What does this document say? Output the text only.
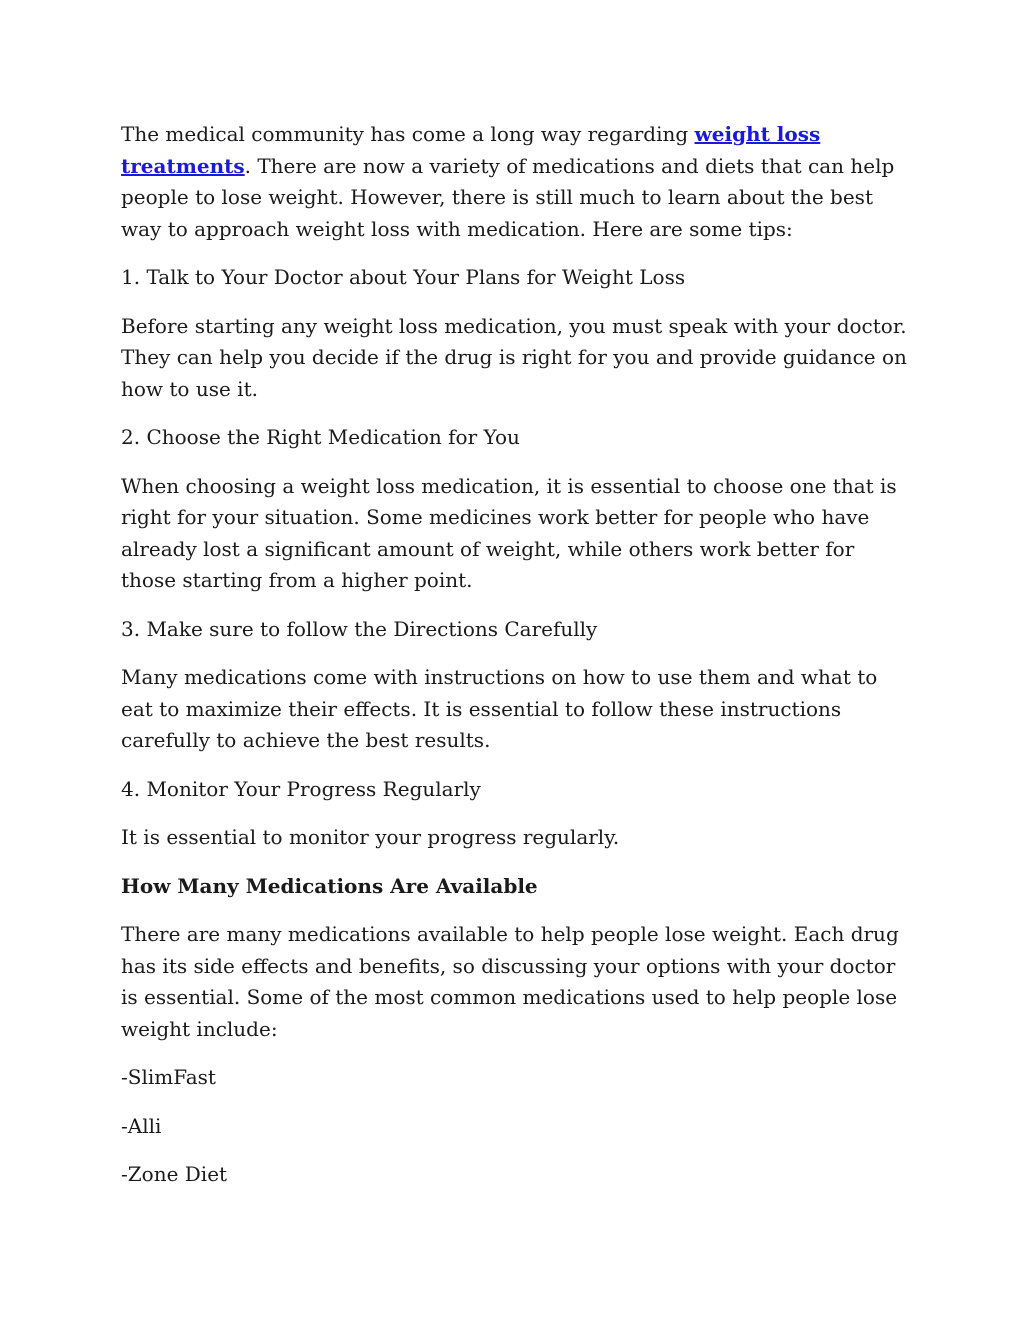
The medical community has come a long way regarding weight loss treatments. There are now a variety of medications and diets that can help people to lose weight. However, there is still much to learn about the best way to approach weight loss with medication. Here are some tips:

1. Talk to Your Doctor about Your Plans for Weight Loss

Before starting any weight loss medication, you must speak with your doctor. They can help you decide if the drug is right for you and provide guidance on how to use it.

2. Choose the Right Medication for You

When choosing a weight loss medication, it is essential to choose one that is right for your situation. Some medicines work better for people who have already lost a significant amount of weight, while others work better for those starting from a higher point.

3. Make sure to follow the Directions Carefully

Many medications come with instructions on how to use them and what to eat to maximize their effects. It is essential to follow these instructions carefully to achieve the best results.

4. Monitor Your Progress Regularly

It is essential to monitor your progress regularly.

How Many Medications Are Available

There are many medications available to help people lose weight. Each drug has its side effects and benefits, so discussing your options with your doctor is essential. Some of the most common medications used to help people lose weight include:

-SlimFast

-Alli

-Zone Diet
